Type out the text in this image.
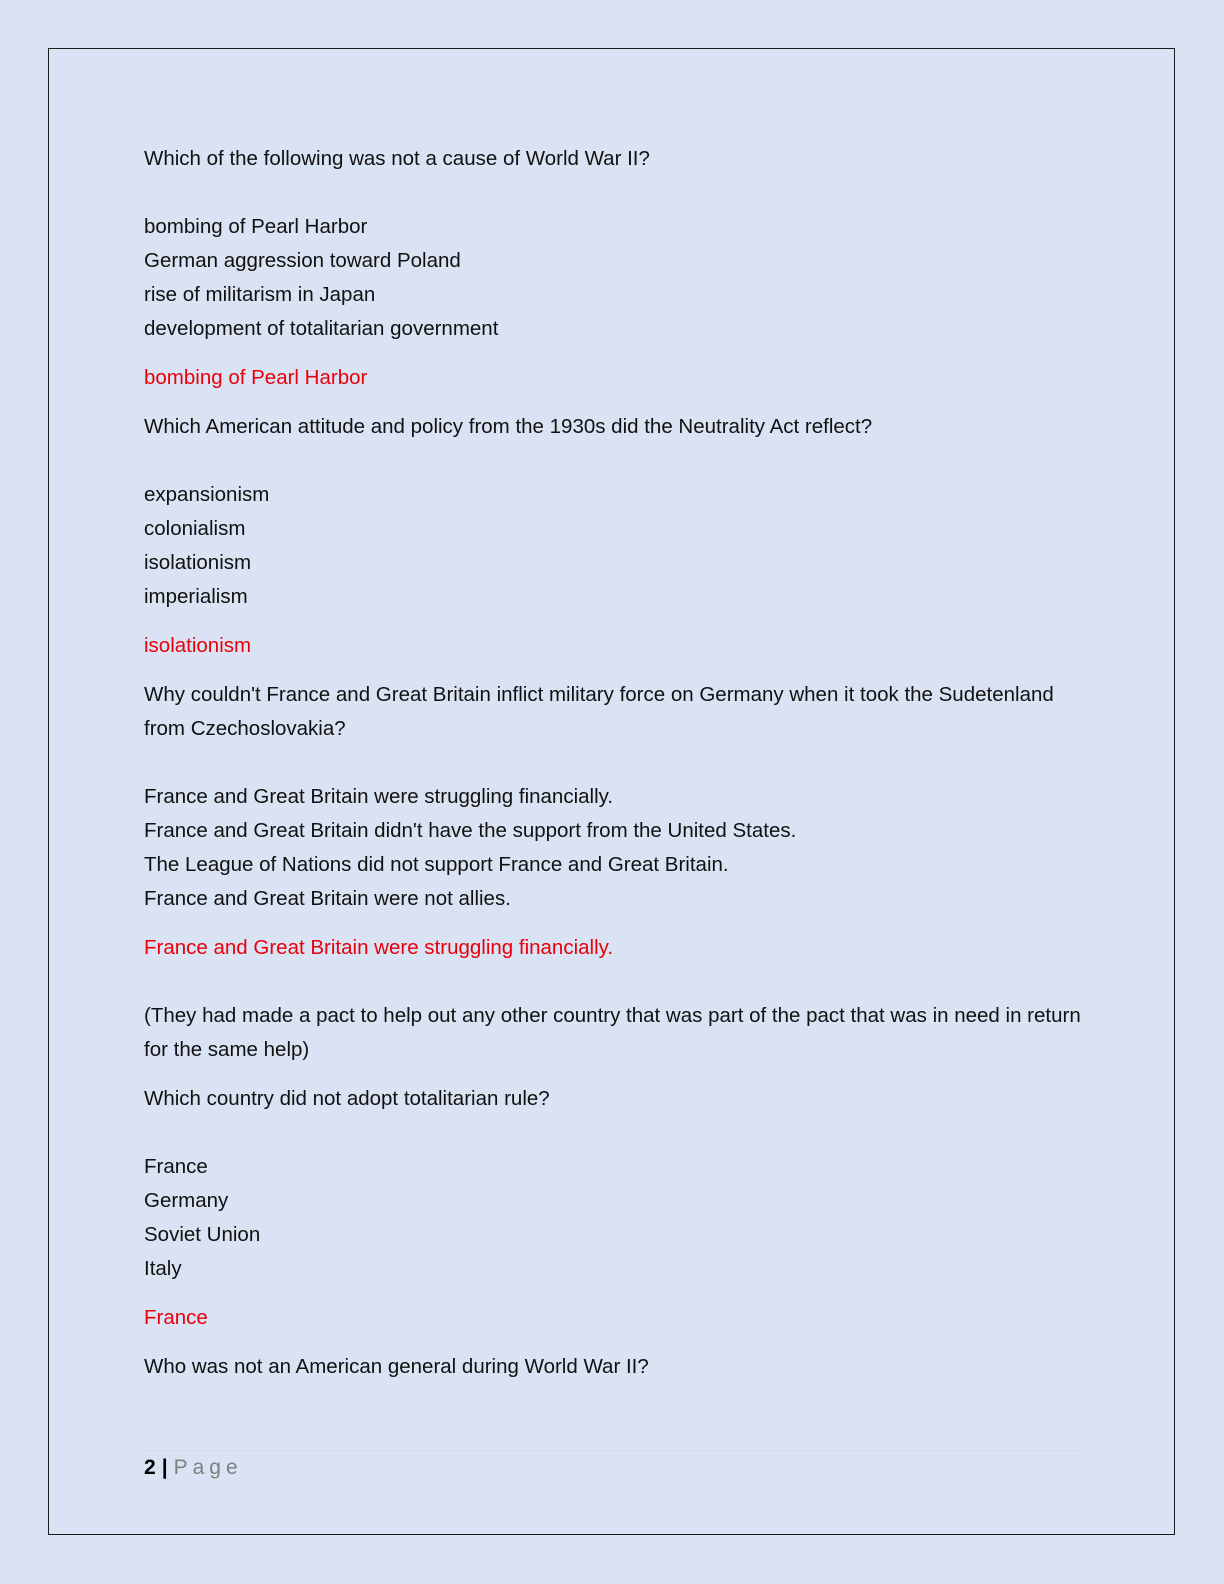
Which of the following was not a cause of World War II?

bombing of Pearl Harbor

German aggression toward Poland

rise of militarism in Japan

development of totalitarian government

bombing of Pearl Harbor

Which American attitude and policy from the 1930s did the Neutrality Act reflect?

expansionism

colonialism

isolationism

imperialism

isolationism

Why couldn't France and Great Britain inflict military force on Germany when it took the Sudetenland from Czechoslovakia?

France and Great Britain were struggling financially.

France and Great Britain didn't have the support from the United States.

The League of Nations did not support France and Great Britain.

France and Great Britain were not allies.

France and Great Britain were struggling financially.

(They had made a pact to help out any other country that was part of the pact that was in need in return for the same help)

Which country did not adopt totalitarian rule?

France

Germany

Soviet Union

Italy

France

Who was not an American general during World War II?

2 | Page
